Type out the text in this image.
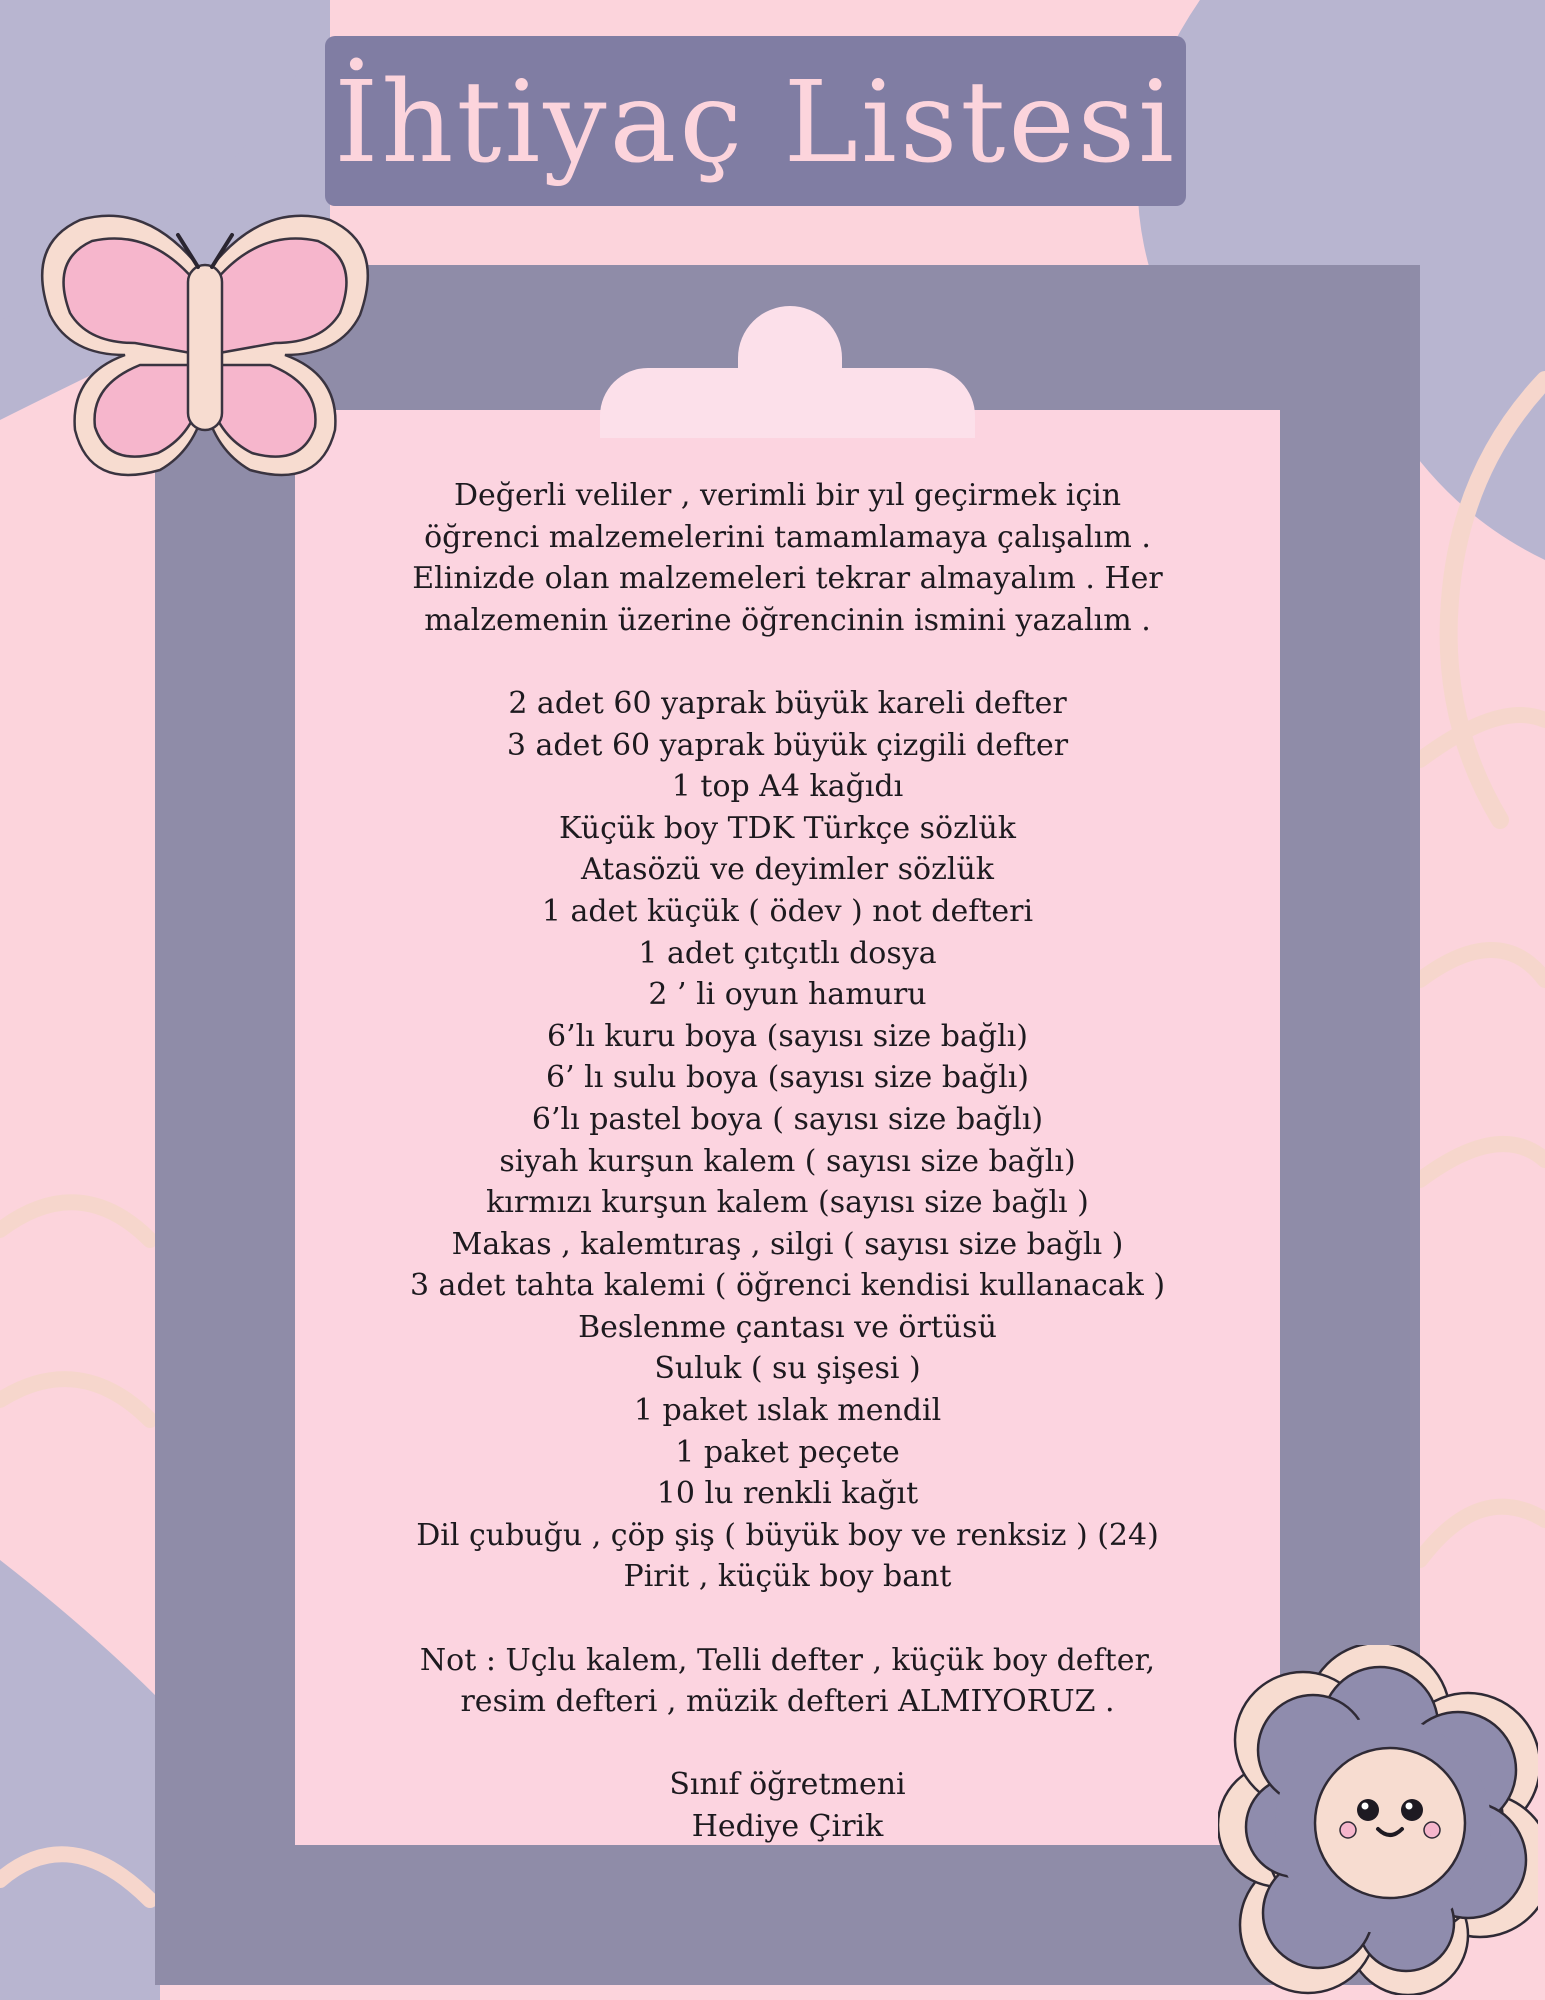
İhtiyaç Listesi
Değerli veliler , verimli bir yıl geçirmek için
öğrenci malzemelerini tamamlamaya çalışalım .
Elinizde olan malzemeleri tekrar almayalım . Her
malzemenin üzerine öğrencinin ismini yazalım .
2 adet 60 yaprak büyük kareli defter
3 adet 60 yaprak büyük çizgili defter
1 top A4 kağıdı
Küçük boy TDK Türkçe sözlük
Atasözü ve deyimler sözlük
1 adet küçük ( ödev ) not defteri
1 adet çıtçıtlı dosya
2 ’ li oyun hamuru
6’lı kuru boya (sayısı size bağlı)
6’ lı sulu boya (sayısı size bağlı)
6’lı pastel boya ( sayısı size bağlı)
siyah kurşun kalem ( sayısı size bağlı)
kırmızı kurşun kalem (sayısı size bağlı )
Makas , kalemtıraş , silgi ( sayısı size bağlı )
3 adet tahta kalemi ( öğrenci kendisi kullanacak )
Beslenme çantası ve örtüsü
Suluk ( su şişesi )
1 paket ıslak mendil
1 paket peçete
10 lu renkli kağıt
Dil çubuğu , çöp şiş ( büyük boy ve renksiz ) (24)
Pirit , küçük boy bant
Not : Uçlu kalem, Telli defter , küçük boy defter,
resim defteri , müzik defteri ALMIYORUZ .
Sınıf öğretmeni
Hediye Çirik
